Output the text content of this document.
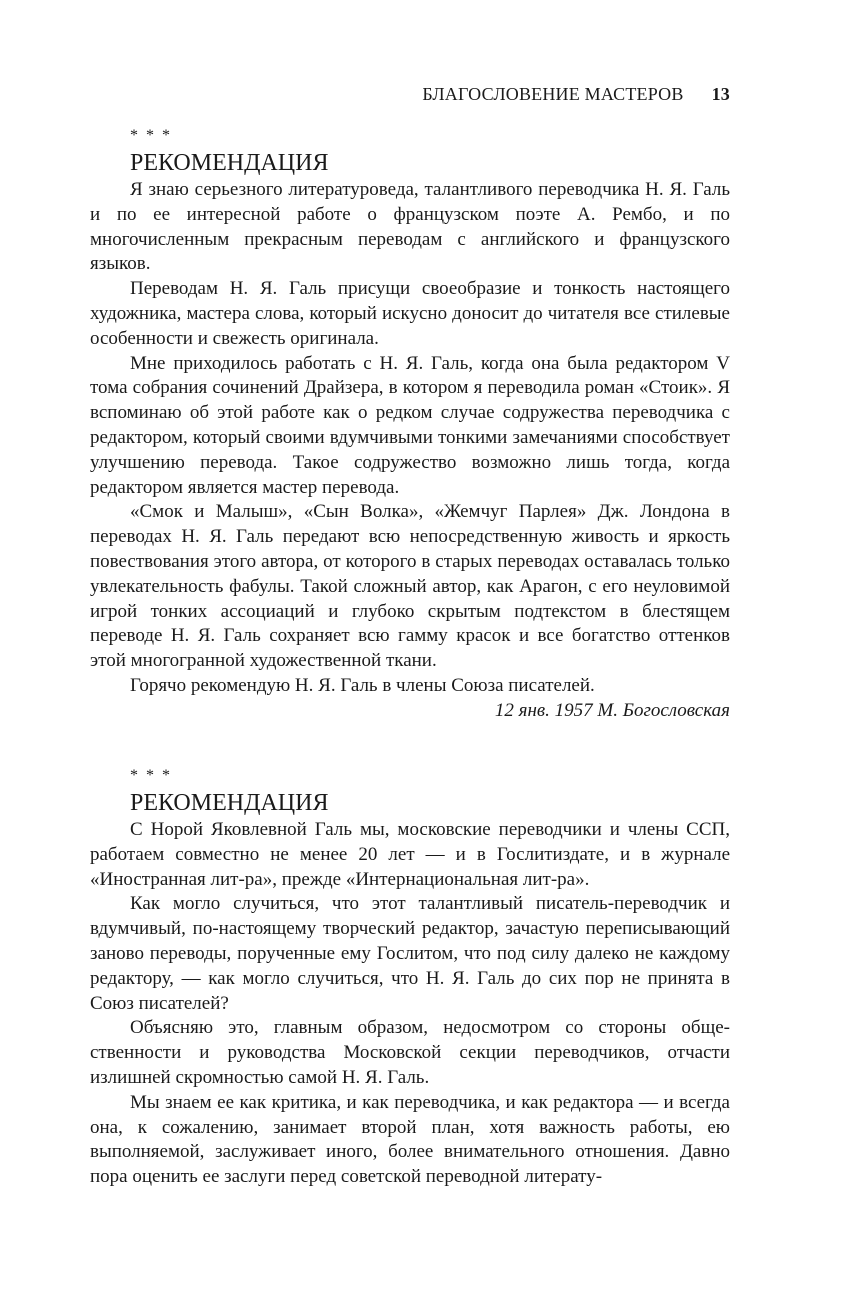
БЛАГОСЛОВЕНИЕ МАСТЕРОВ 13
* * *
РЕКОМЕНДАЦИЯ

Я знаю серьезного литературоведа, талантливого переводчика Н. Я. Галь и по ее интересной работе о французском поэте А. Рембо, и по многочисленным прекрасным переводам с английского и французского языков.

Переводам Н. Я. Галь присущи своеобразие и тонкость настоящего художника, мастера слова, который искусно доносит до читателя все стилевые особенности и свежесть оригинала.

Мне приходилось работать с Н. Я. Галь, когда она была редактором V тома собрания сочинений Драйзера, в котором я переводила роман «Стоик». Я вспоминаю об этой работе как о редком случае содружества переводчика с редактором, который своими вдумчивыми тонкими замечаниями способствует улучшению перевода. Такое содружество возможно лишь тогда, когда редактором является мастер перевода.

«Смок и Малыш», «Сын Волка», «Жемчуг Парлея» Дж. Лондона в переводах Н. Я. Галь передают всю непосредственную живость и яркость повествования этого автора, от которого в старых переводах оставалась только увлекательность фабулы. Такой сложный автор, как Арагон, с его неуловимой игрой тонких ассоциаций и глубоко скрытым подтекстом в блестящем переводе Н. Я. Галь сохраняет всю гамму красок и все богатство оттенков этой многогранной художественной ткани.

Горячо рекомендую Н. Я. Галь в члены Союза писателей.

12 янв. 1957 М. Богословская

* * *
РЕКОМЕНДАЦИЯ

С Норой Яковлевной Галь мы, московские переводчики и члены ССП, работаем совместно не менее 20 лет — и в Гослитиздате, и в журнале «Иностранная лит-ра», прежде «Интернациональная лит-ра».

Как могло случиться, что этот талантливый писатель-переводчик и вдумчивый, по-настоящему творческий редактор, зачастую переписывающий заново переводы, порученные ему Гослитом, что под силу далеко не каждому редактору, — как могло случиться, что Н. Я. Галь до сих пор не принята в Союз писателей?

Объясняю это, главным образом, недосмотром со стороны общественности и руководства Московской секции переводчиков, отчасти излишней скромностью самой Н. Я. Галь.

Мы знаем ее как критика, и как переводчика, и как редактора — и всегда она, к сожалению, занимает второй план, хотя важность работы, ею выполняемой, заслуживает иного, более внимательного отношения. Давно пора оценить ее заслуги перед советской переводной литерату-
